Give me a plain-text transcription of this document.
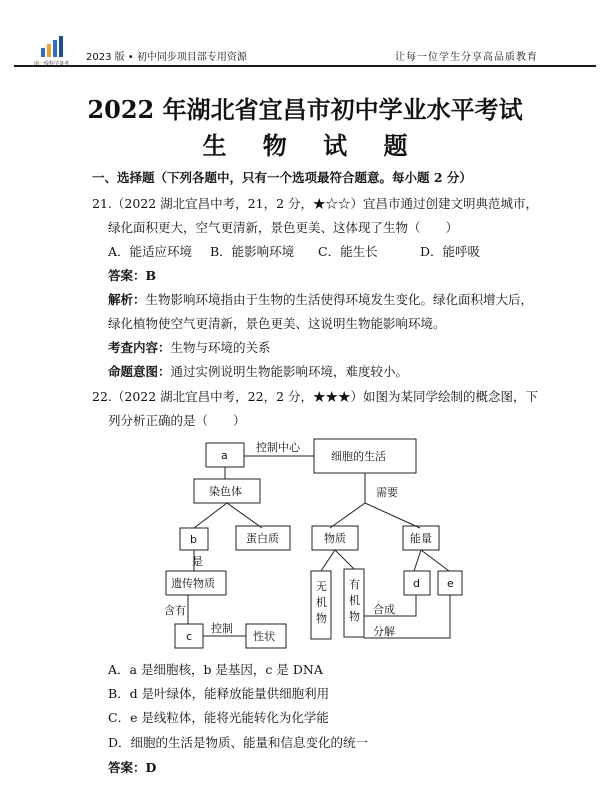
南一线科学备考
2023 版 • 初中同步项目部专用资源	让每一位学生分享高品质教育
2022 年湖北省宜昌市初中学业水平考试
生 物 试 题
一、选择题（下列各题中，只有一个选项最符合题意。每小题 2 分）
21.（2022 湖北宜昌中考，21，2 分，★☆☆）宜昌市通过创建文明典范城市，
绿化面积更大，空气更清新，景色更美、这体现了生物（　　）
A．能适应环境 B．能影响环境 C．能生长	D．能呼吸
答案：B
解析：生物影响环境指由于生物的生活使得环境发生变化。绿化面积增大后，
绿化植物使空气更清新，景色更美、这说明生物能影响环境。
考查内容：生物与环境的关系
命题意图：通过实例说明生物能影响环境，难度较小。
22.（2022 湖北宜昌中考，22，2 分，★★★）如图为某同学绘制的概念图，下
列分析正确的是（　　）
a
控制中心
细胞的生活
染色体	需要
b	蛋白质	物质	能量
是
遗传物质	无
机
物
有
机
物
d e
含有
c
控制
性状
合成
分解
A．a 是细胞核，b 是基因，c 是 DNA
B．d 是叶绿体，能释放能量供细胞利用
C．e 是线粒体，能将光能转化为化学能
D．细胞的生活是物质、能量和信息变化的统一
答案：D
